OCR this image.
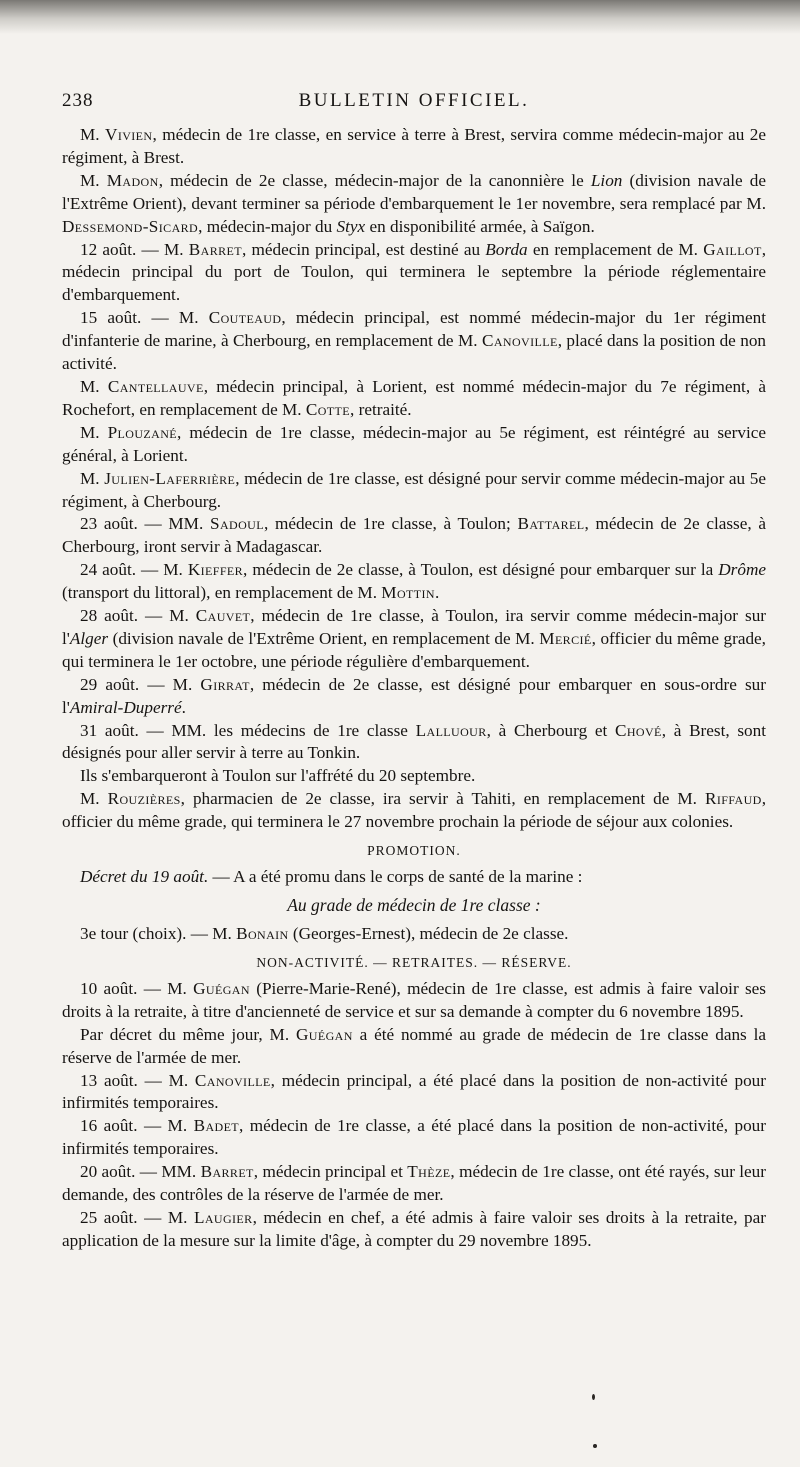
238	BULLETIN OFFICIEL.

M. Vivien, médecin de 1re classe, en service à terre à Brest, servira comme médecin-major au 2e régiment, à Brest.

M. Madon, médecin de 2e classe, médecin-major de la canonnière le Lion (division navale de l'Extrême Orient), devant terminer sa période d'embarquement le 1er novembre, sera remplacé par M. Dessemond-Sicard, médecin-major du Styx en disponibilité armée, à Saïgon.

12 août. — M. Barret, médecin principal, est destiné au Borda en remplacement de M. Gaillot, médecin principal du port de Toulon, qui terminera le septembre la période réglementaire d'embarquement.

15 août. — M. Couteaud, médecin principal, est nommé médecin-major du 1er régiment d'infanterie de marine, à Cherbourg, en remplacement de M. Canoville, placé dans la position de non activité.

M. Cantellauve, médecin principal, à Lorient, est nommé médecin-major du 7e régiment, à Rochefort, en remplacement de M. Cotte, retraité.

M. Plouzané, médecin de 1re classe, médecin-major au 5e régiment, est réintégré au service général, à Lorient.

M. Julien-Laferrière, médecin de 1re classe, est désigné pour servir comme médecin-major au 5e régiment, à Cherbourg.

23 août. — MM. Sadoul, médecin de 1re classe, à Toulon; Battarel, médecin de 2e classe, à Cherbourg, iront servir à Madagascar.

24 août. — M. Kieffer, médecin de 2e classe, à Toulon, est désigné pour embarquer sur la Drôme (transport du littoral), en remplacement de M. Mottin.

28 août. — M. Cauvet, médecin de 1re classe, à Toulon, ira servir comme médecin-major sur l'Alger (division navale de l'Extrême Orient, en remplacement de M. Mercié, officier du même grade, qui terminera le 1er octobre, une période régulière d'embarquement.

29 août. — M. Girrat, médecin de 2e classe, est désigné pour embarquer en sous-ordre sur l'Amiral-Duperré.

31 août. — MM. les médecins de 1re classe Lalluour, à Cherbourg et Chové, à Brest, sont désignés pour aller servir à terre au Tonkin.

Ils s'embarqueront à Toulon sur l'affrété du 20 septembre.

M. Rouzières, pharmacien de 2e classe, ira servir à Tahiti, en remplacement de M. Riffaud, officier du même grade, qui terminera le 27 novembre prochain la période de séjour aux colonies.

PROMOTION.

Décret du 19 août. — A a été promu dans le corps de santé de la marine :

Au grade de médecin de 1re classe :

3e tour (choix). — M. Bonain (Georges-Ernest), médecin de 2e classe.

NON-ACTIVITÉ. — RETRAITES. — RÉSERVE.

10 août. — M. Guégan (Pierre-Marie-René), médecin de 1re classe, est admis à faire valoir ses droits à la retraite, à titre d'ancienneté de service et sur sa demande à compter du 6 novembre 1895.

Par décret du même jour, M. Guégan a été nommé au grade de médecin de 1re classe dans la réserve de l'armée de mer.

13 août. — M. Canoville, médecin principal, a été placé dans la position de non-activité pour infirmités temporaires.

16 août. — M. Badet, médecin de 1re classe, a été placé dans la position de non-activité, pour infirmités temporaires.

20 août. — MM. Barret, médecin principal et Thèze, médecin de 1re classe, ont été rayés, sur leur demande, des contrôles de la réserve de l'armée de mer.

25 août. — M. Laugier, médecin en chef, a été admis à faire valoir ses droits à la retraite, par application de la mesure sur la limite d'âge, à compter du 29 novembre 1895.
